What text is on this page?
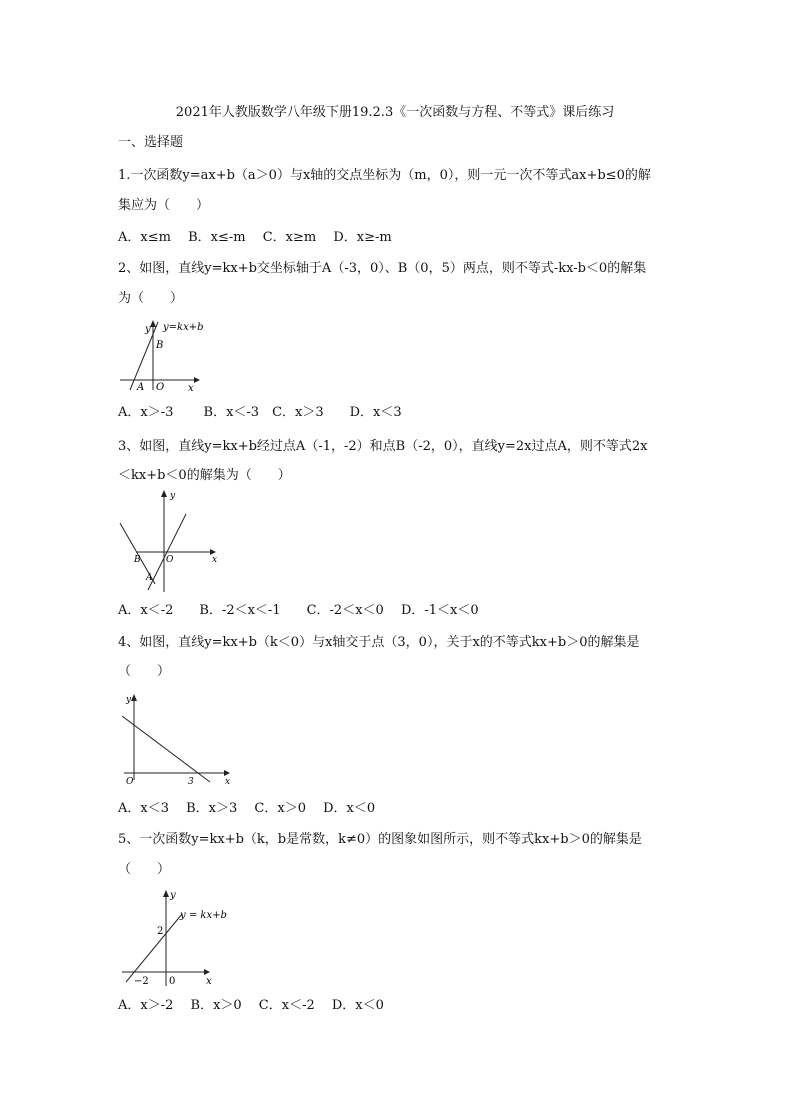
2021年人教版数学八年级下册19.2.3《一次函数与方程、不等式》课后练习
一、选择题
1.一次函数y=ax+b（a＞0）与x轴的交点坐标为（m，0），则一元一次不等式ax+b≤0的解
集应为（　　）
A．x≤m　 B．x≤-m　 C．x≥m　 D．x≥-m
2、如图，直线y=kx+b交坐标轴于A（-3，0）、B（0，5）两点，则不等式-kx-b＜0的解集
为（　　）
y=kx+b
y
B
A O x
A．x＞-3　　 B．x＜-3　C．x＞3　　D．x＜3
3、如图，直线y=kx+b经过点A（-1，-2）和点B（-2，0），直线y=2x过点A，则不等式2x
＜kx+b＜0的解集为（　　）
y
B	O
A
x
A．x＜-2　　B．-2＜x＜-1　　C．-2＜x＜0　 D．-1＜x＜0
4、如图，直线y=kx+b（k＜0）与x轴交于点（3，0），关于x的不等式kx+b＞0的解集是
（　　）
y
O	3	x
A．x＜3　 B．x＞3　 C．x＞0　 D．x＜0
5、一次函数y=kx+b（k，b是常数，k≠0）的图象如图所示，则不等式kx+b＞0的解集是
（　　）
y
y = kx+b
2
−2 0	x
A．x＞-2　 B．x＞0　 C．x＜-2　 D．x＜0
